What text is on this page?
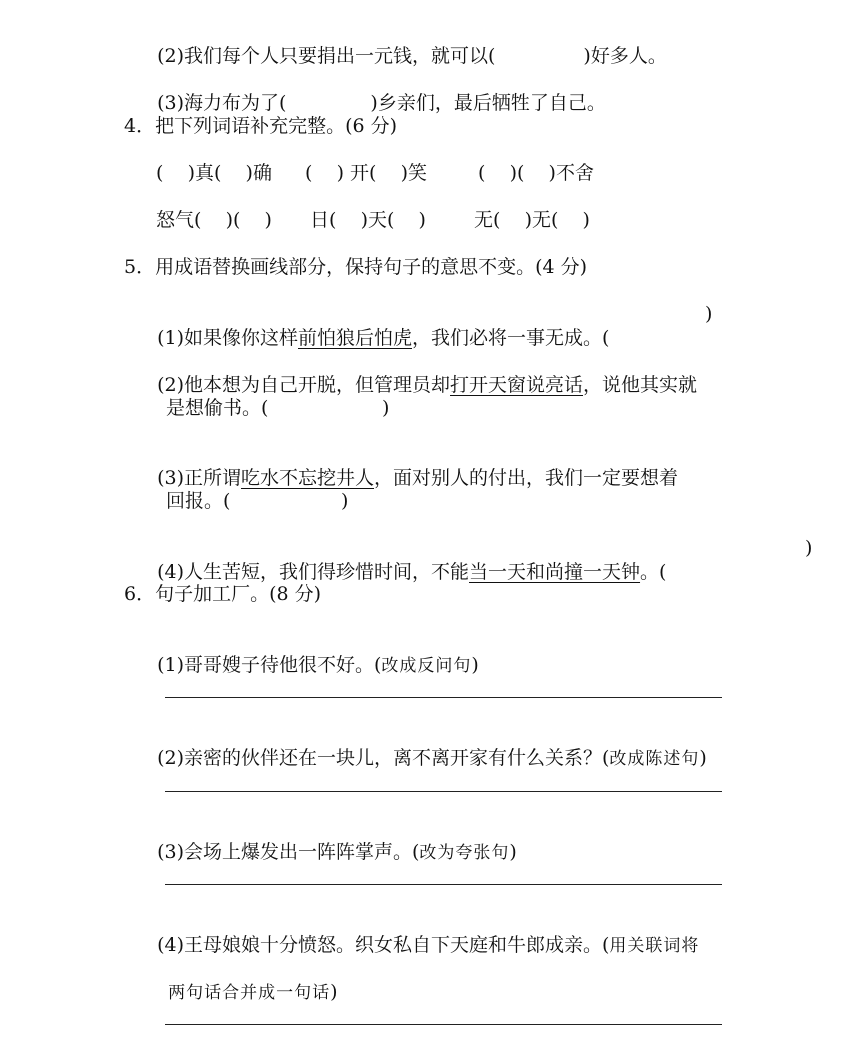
(2)我们每个人只要捐出一元钱，就可以(	)好多人。

(3)海力布为了(	)乡亲们，最后牺牲了自己。

4．把下列词语补充完整。(6 分)
(    )真(    )确 (    ) 开(    )笑	(    )(    )不舍
怒气(    )(    ) 日(    )天(    )	无(    )无(    )
5．用成语替换画线部分，保持句子的意思不变。(4 分)

(1)如果像你这样前怕狼后怕虎，我们必将一事无成。(

)

(2)他本想为自己开脱，但管理员却打开天窗说亮话，说他其实就

是想偷书。(	)

(3)正所谓吃水不忘挖井人，面对别人的付出，我们一定要想着

回报。(	)

(4)人生苦短，我们得珍惜时间，不能当一天和尚撞一天钟。(

)
6．句子加工厂。(8 分)

(1)哥哥嫂子待他很不好。(改成反问句)

(2)亲密的伙伴还在一块儿，离不离开家有什么关系？(改成陈述句)

(3)会场上爆发出一阵阵掌声。(改为夸张句)

(4)王母娘娘十分愤怒。织女私自下天庭和牛郎成亲。(用关联词将

两句话合并成一句话)
